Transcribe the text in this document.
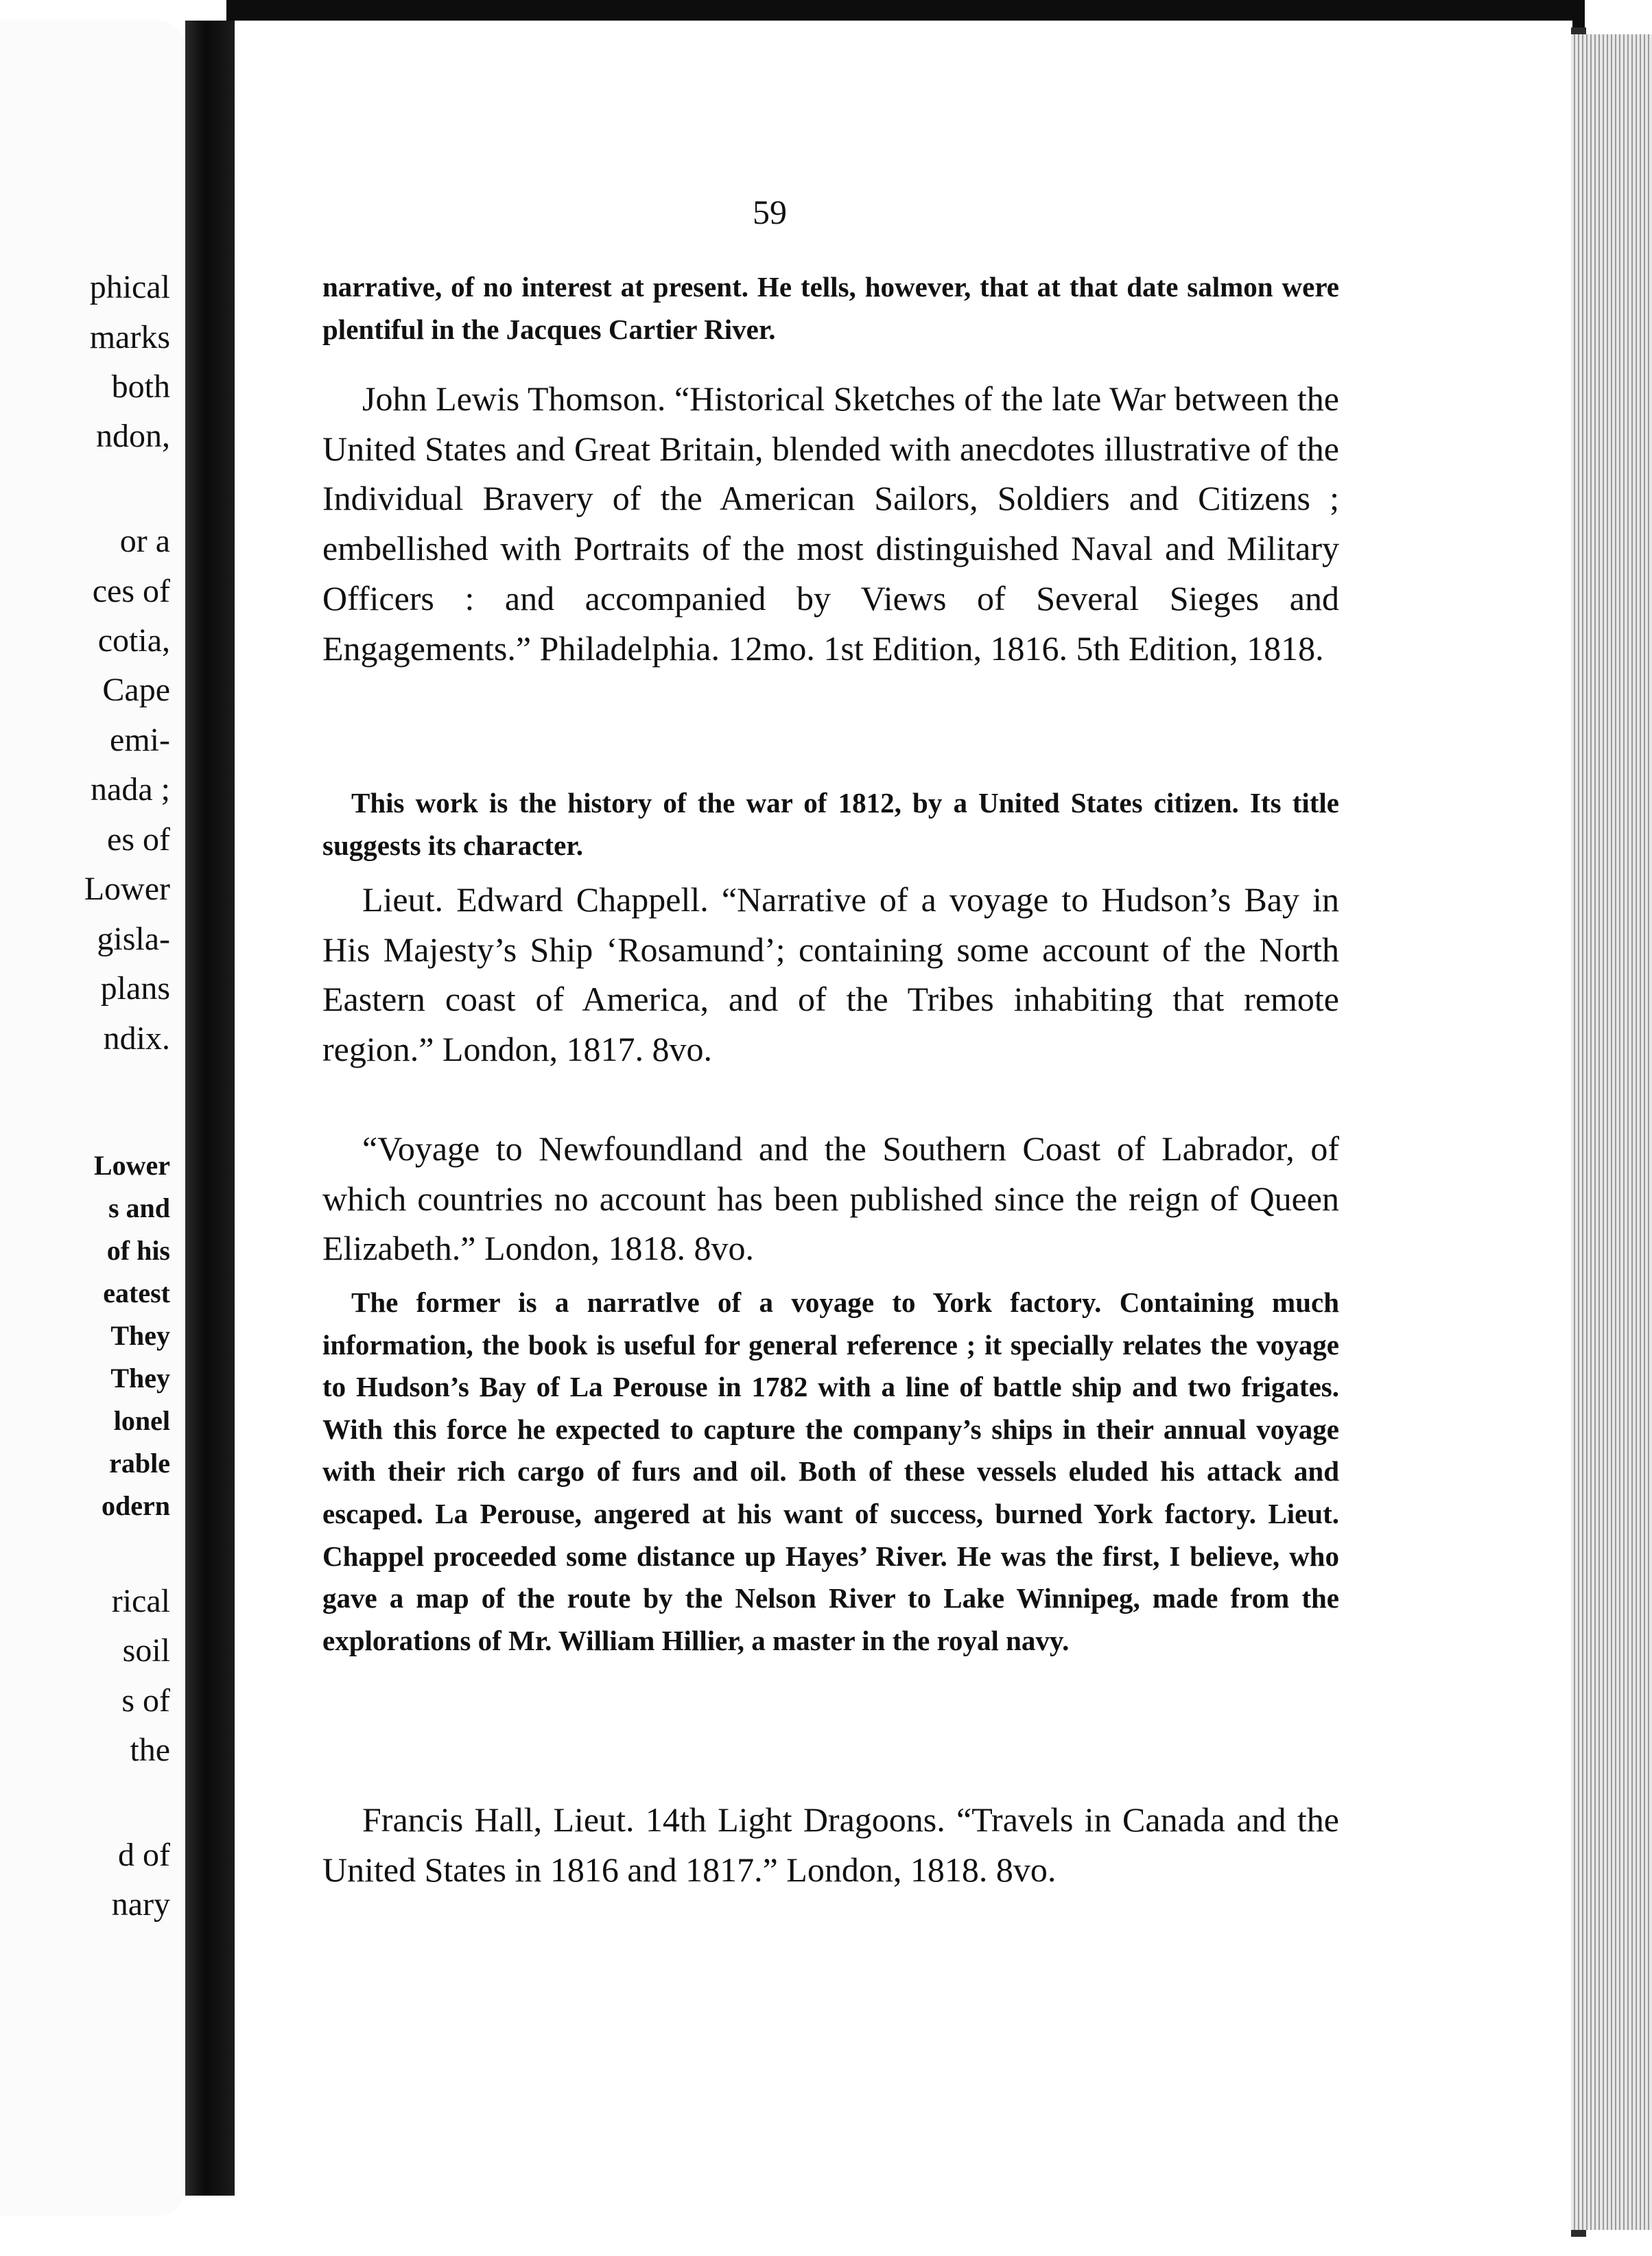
phical
marks
both
ndon,
or a
ces of
cotia,
Cape
emi-
nada ;
es of
Lower
gisla-
plans
ndix.
Lower
s and
of his
eatest
They
They
lonel
rable
odern
rical
soil
s of
the
d of
nary
59

narrative, of no interest at present. He tells, however, that at that date salmon were plentiful in the Jacques Cartier River.

John Lewis Thomson. “Historical Sketches of the late War between the United States and Great Britain, blended with anecdotes illustrative of the Individual Bravery of the American Sailors, Soldiers and Citizens ; embellished with Portraits of the most distinguished Naval and Military Officers : and accompanied by Views of Several Sieges and Engagements.” Philadelphia. 12mo. 1st Edition, 1816. 5th Edition, 1818.

This work is the history of the war of 1812, by a United States citizen. Its title suggests its character.

Lieut. Edward Chappell. “Narrative of a voyage to Hudson’s Bay in His Majesty’s Ship ‘Rosamund’; containing some account of the North Eastern coast of America, and of the Tribes inhabiting that remote region.” London, 1817. 8vo.

“Voyage to Newfoundland and the Southern Coast of Labrador, of which countries no account has been published since the reign of Queen Elizabeth.” London, 1818. 8vo.

The former is a narratlve of a voyage to York factory. Containing much information, the book is useful for general reference ; it specially relates the voyage to Hudson’s Bay of La Perouse in 1782 with a line of battle ship and two frigates. With this force he expected to capture the company’s ships in their annual voyage with their rich cargo of furs and oil. Both of these vessels eluded his attack and escaped. La Perouse, angered at his want of success, burned York factory. Lieut. Chappel proceeded some distance up Hayes’ River. He was the first, I believe, who gave a map of the route by the Nelson River to Lake Winnipeg, made from the explorations of Mr. William Hillier, a master in the royal navy.

Francis Hall, Lieut. 14th Light Dragoons. “Travels in Canada and the United States in 1816 and 1817.” London, 1818. 8vo.
